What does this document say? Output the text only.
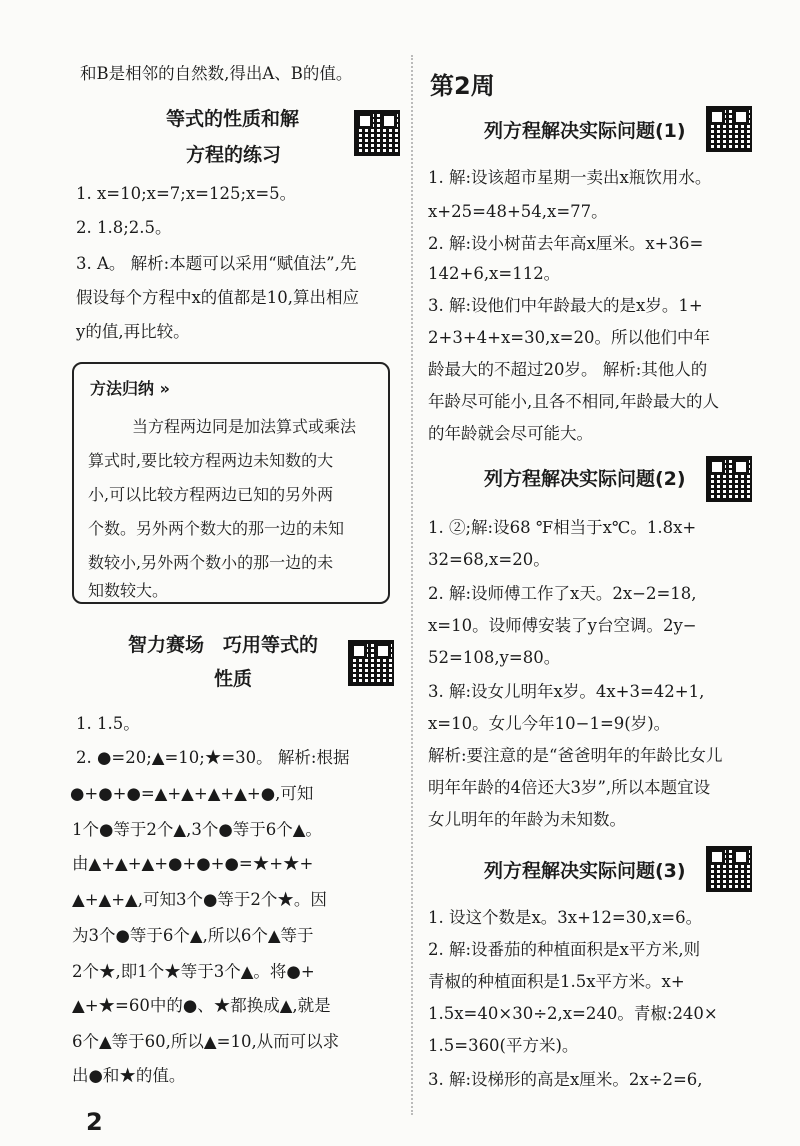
和B是相邻的自然数,得出A、B的值。
等式的性质和解
方程的练习
1. x=10;x=7;x=125;x=5。
2. 1.8;2.5。
3. A。 解析:本题可以采用“赋值法”,先
假设每个方程中x的值都是10,算出相应
y的值,再比较。
方法归纳 »
当方程两边同是加法算式或乘法
算式时,要比较方程两边未知数的大
小,可以比较方程两边已知的另外两
个数。另外两个数大的那一边的未知
数较小,另外两个数小的那一边的未
知数较大。
智力赛场　巧用等式的
性质
1. 1.5。
2. ●=20;▲=10;★=30。 解析:根据
●+●+●=▲+▲+▲+▲+●,可知
1个●等于2个▲,3个●等于6个▲。
由▲+▲+▲+●+●+●=★+★+
▲+▲+▲,可知3个●等于2个★。因
为3个●等于6个▲,所以6个▲等于
2个★,即1个★等于3个▲。将●+
▲+★=60中的●、★都换成▲,就是
6个▲等于60,所以▲=10,从而可以求
出●和★的值。
第2周
列方程解决实际问题(1)
1. 解:设该超市星期一卖出x瓶饮用水。
x+25=48+54,x=77。
2. 解:设小树苗去年高x厘米。x+36=
142+6,x=112。
3. 解:设他们中年龄最大的是x岁。1+
2+3+4+x=30,x=20。所以他们中年
龄最大的不超过20岁。 解析:其他人的
年龄尽可能小,且各不相同,年龄最大的人
的年龄就会尽可能大。
列方程解决实际问题(2)
1. ②;解:设68 ℉相当于x℃。1.8x+
32=68,x=20。
2. 解:设师傅工作了x天。2x−2=18,
x=10。设师傅安装了y台空调。2y−
52=108,y=80。
3. 解:设女儿明年x岁。4x+3=42+1,
x=10。女儿今年10−1=9(岁)。
解析:要注意的是“爸爸明年的年龄比女儿
明年年龄的4倍还大3岁”,所以本题宜设
女儿明年的年龄为未知数。
列方程解决实际问题(3)
1. 设这个数是x。3x+12=30,x=6。
2. 解:设番茄的种植面积是x平方米,则
青椒的种植面积是1.5x平方米。x+
1.5x=40×30÷2,x=240。青椒:240×
1.5=360(平方米)。
3. 解:设梯形的高是x厘米。2x÷2=6,
2
